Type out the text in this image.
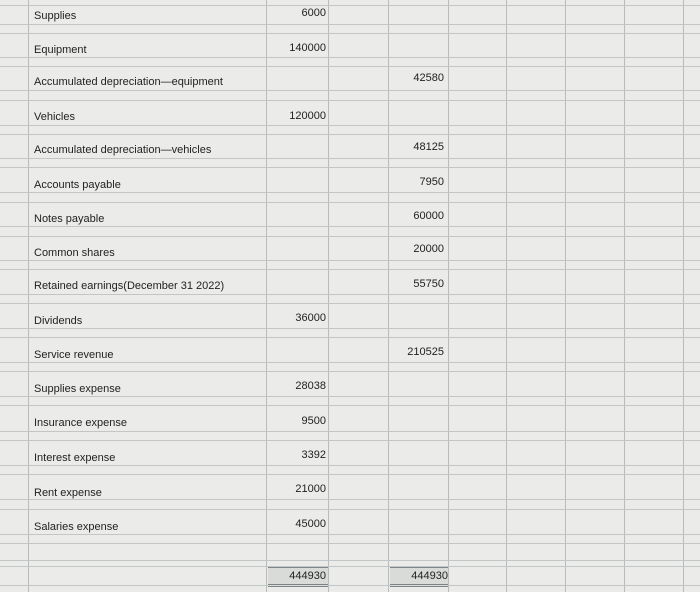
Supplies
Equipment
Accumulated depreciation—equipment
Vehicles
Accumulated depreciation—vehicles
Accounts payable
Notes payable
Common shares
Retained earnings(December 31 2022)
Dividends
Service revenue
Supplies expense
Insurance expense
Interest expense
Rent expense
Salaries expense
6000
140000
120000
36000
28038
9500
3392
21000
45000
42580
48125
7950
60000
20000
55750
210525
444930	444930
